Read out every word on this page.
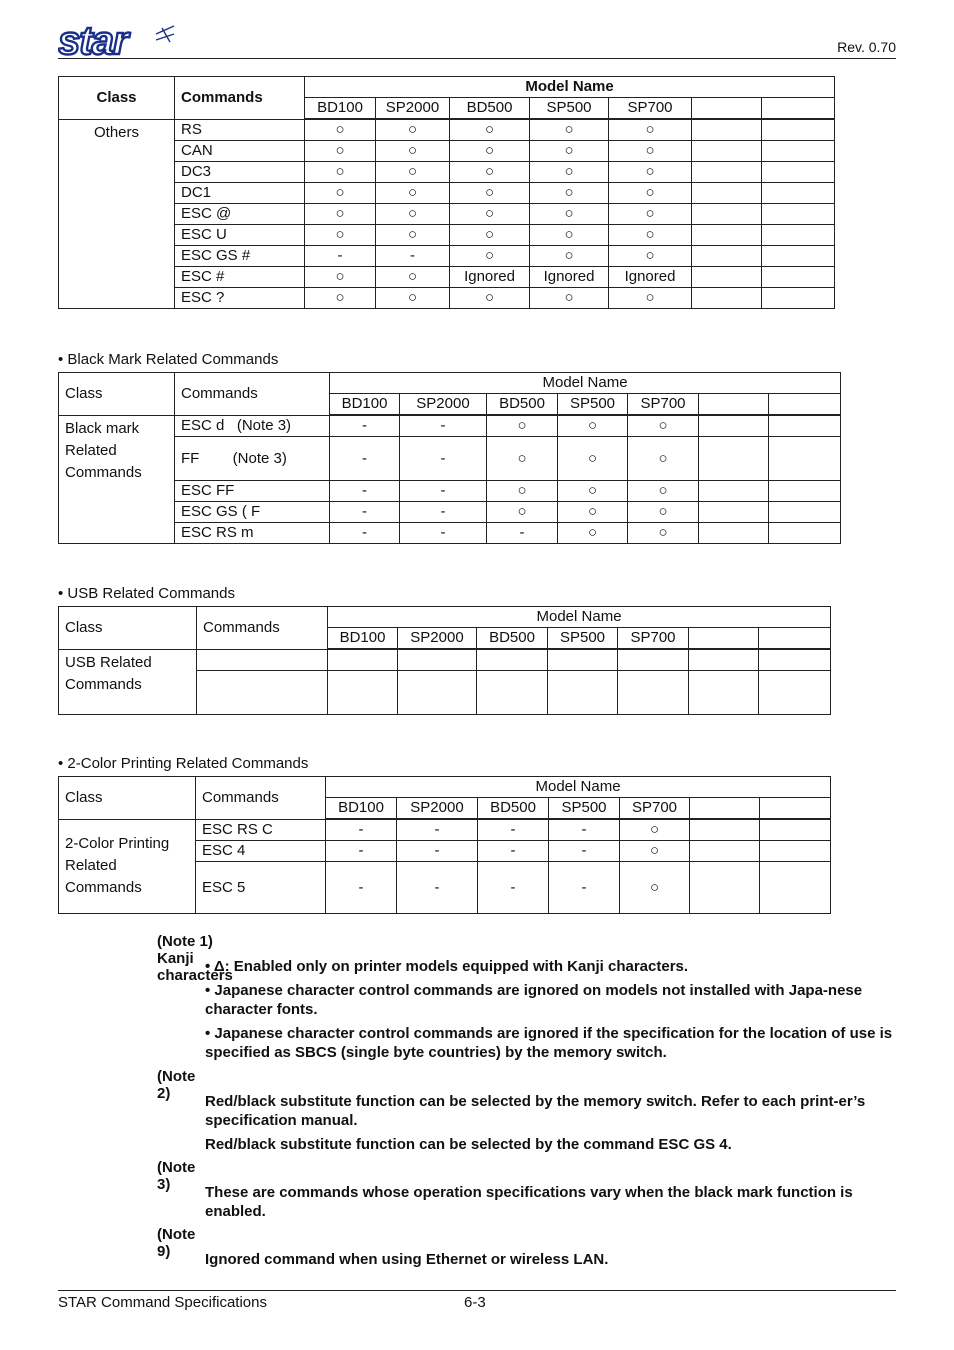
star	Rev. 0.70
Class	Commands	Model Name						
		BD100	SP2000	BD500	SP500	SP700		
Others	RS	○	○	○	○	○		
	CAN	○	○	○	○	○		
	DC3	○	○	○	○	○		
	DC1	○	○	○	○	○		
	ESC @	○	○	○	○	○		
	ESC U	○	○	○	○	○		
	ESC GS #	-	-	○	○	○		
	ESC #	○	○	Ignored	Ignored	Ignored		
	ESC ?	○	○	○	○	○		
• Black Mark Related Commands
Class	Commands	Model Name						
		BD100	SP2000	BD500	SP500	SP700		
Black mark Related Commands	ESC d   (Note 3)	-	-	○	○	○		
	FF        (Note 3)	-	-	○	○	○		
	ESC FF	-	-	○	○	○		
	ESC GS ( F	-	-	○	○	○		
	ESC RS m	-	-	-	○	○		
• USB Related Commands
Class	Commands	Model Name						
		BD100	SP2000	BD500	SP500	SP700		
USB Related Commands								

• 2-Color Printing Related Commands
Class	Commands	Model Name						
		BD100	SP2000	BD500	SP500	SP700		
2-Color Printing Related Commands	ESC RS C	-	-	-	-	○		
	ESC 4	-	-	-	-	○		
	ESC 5	-	-	-	-	○		
(Note 1) Kanji characters
• Δ: Enabled only on printer models equipped with Kanji characters.
• Japanese character control commands are ignored on models not installed with Japa-nese character fonts.
• Japanese character control commands are ignored if the specification for the location of use is specified as SBCS (single byte countries) by the memory switch.
(Note 2)	Red/black substitute function can be selected by the memory switch. Refer to each print-er’s specification manual.
Red/black substitute function can be selected by the command ESC GS 4.
(Note 3)	These are commands whose operation specifications vary when the black mark function is enabled.
(Note 9)	Ignored command when using Ethernet or wireless LAN.
STAR Command Specifications	6-3
